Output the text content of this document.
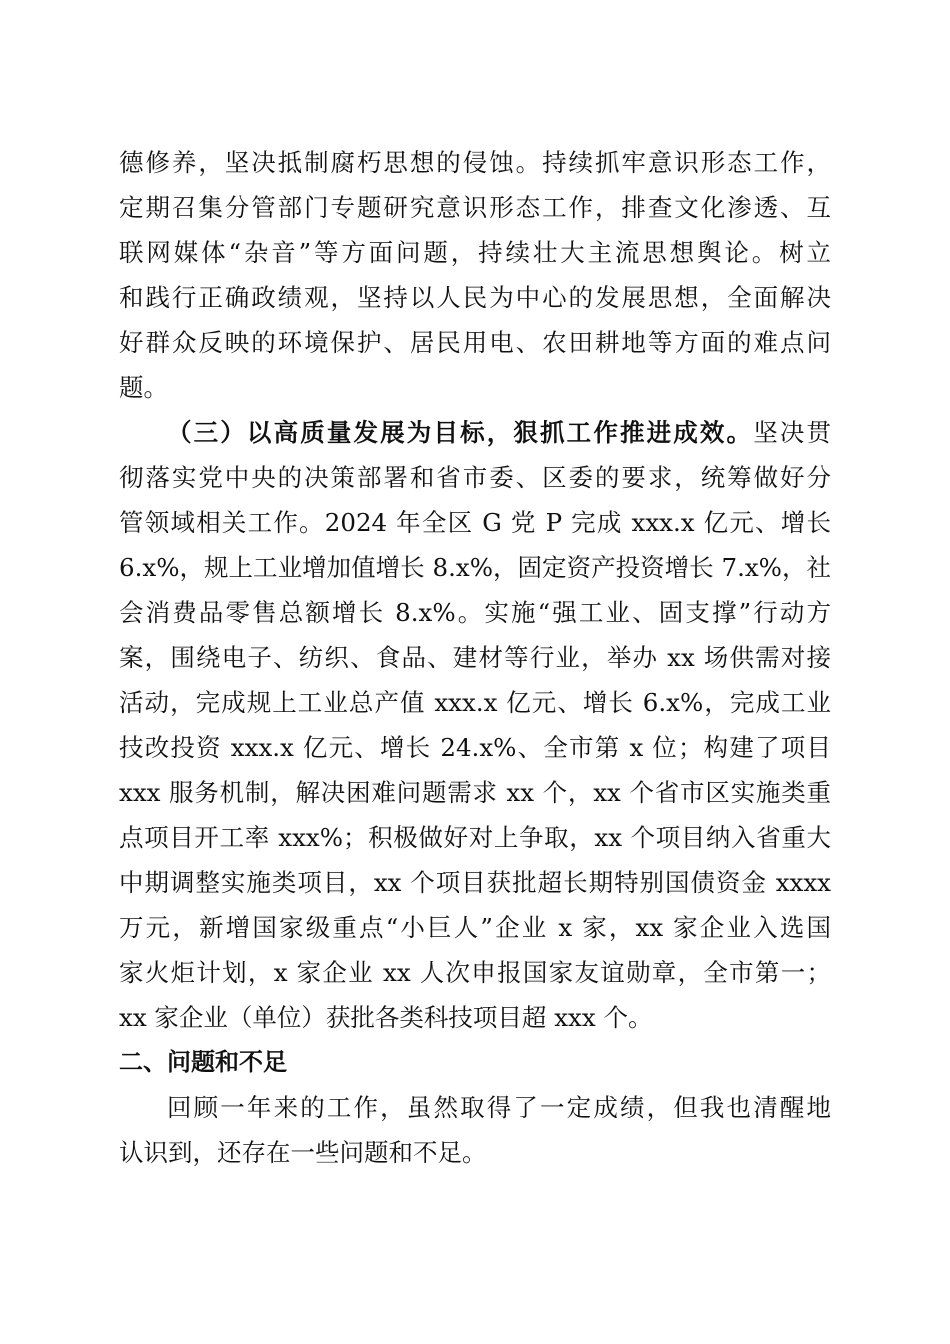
德修养，坚决抵制腐朽思想的侵蚀。持续抓牢意识形态工作，
定期召集分管部门专题研究意识形态工作，排查文化渗透、互
联网媒体“杂音”等方面问题，持续壮大主流思想舆论。树立
和践行正确政绩观，坚持以人民为中心的发展思想，全面解决
好群众反映的环境保护、居民用电、农田耕地等方面的难点问
题。

（三）以高质量发展为目标，狠抓工作推进成效。坚决贯
彻落实党中央的决策部署和省市委、区委的要求，统筹做好分
管领域相关工作。2024 年全区 G 党 P 完成 xxx.x 亿元、增长
6.x%，规上工业增加值增长 8.x%，固定资产投资增长 7.x%，社
会消费品零售总额增长 8.x%。实施“强工业、固支撑”行动方
案，围绕电子、纺织、食品、建材等行业，举办 xx 场供需对接
活动，完成规上工业总产值 xxx.x 亿元、增长 6.x%，完成工业
技改投资 xxx.x 亿元、增长 24.x%、全市第 x 位；构建了项目
xxx 服务机制，解决困难问题需求 xx 个，xx 个省市区实施类重
点项目开工率 xxx%；积极做好对上争取，xx 个项目纳入省重大
中期调整实施类项目，xx 个项目获批超长期特别国债资金 xxxx
万元，新增国家级重点“小巨人”企业 x 家，xx 家企业入选国
家火炬计划，x 家企业 xx 人次申报国家友谊勋章，全市第一；
xx 家企业（单位）获批各类科技项目超 xxx 个。

二、问题和不足

回顾一年来的工作，虽然取得了一定成绩，但我也清醒地
认识到，还存在一些问题和不足。
